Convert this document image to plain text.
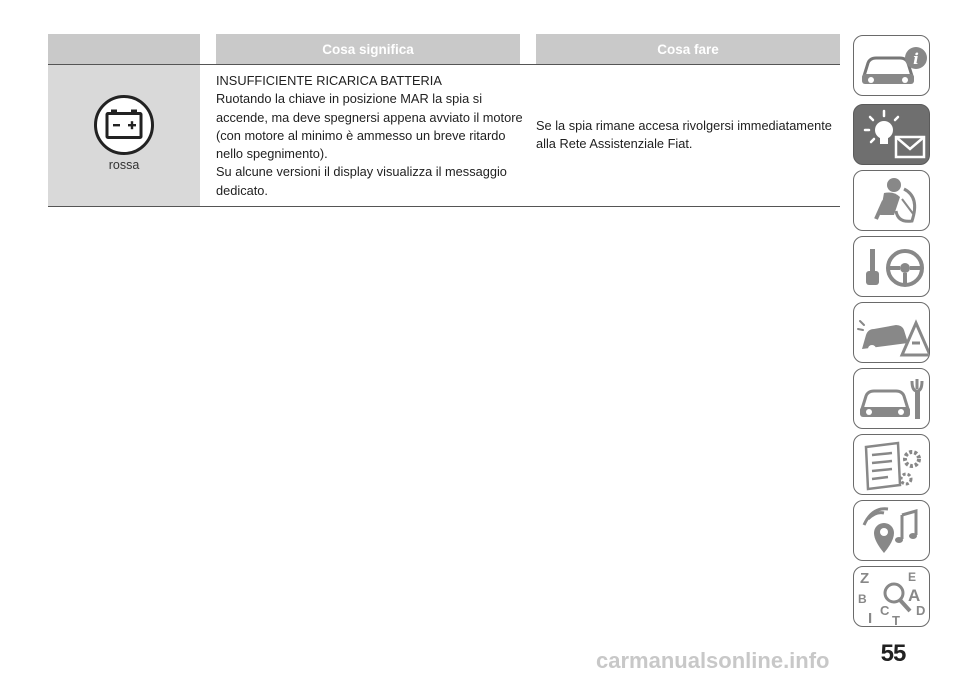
Cosa significa	Cosa fare
rossa

INSUFFICIENTE RICARICA BATTERIA

Ruotando la chiave in posizione MAR la spia si accende, ma deve spegnersi appena avviato il motore (con motore al minimo è ammesso un breve ritardo nello spegnimento).

Su alcune versioni il display visualizza il messaggio dedicato.

Se la spia rimane accesa rivolgersi immediatamente alla Rete Assistenziale Fiat.
i
Z	E
A
B
C D
I T
55
carmanualsonline.info
